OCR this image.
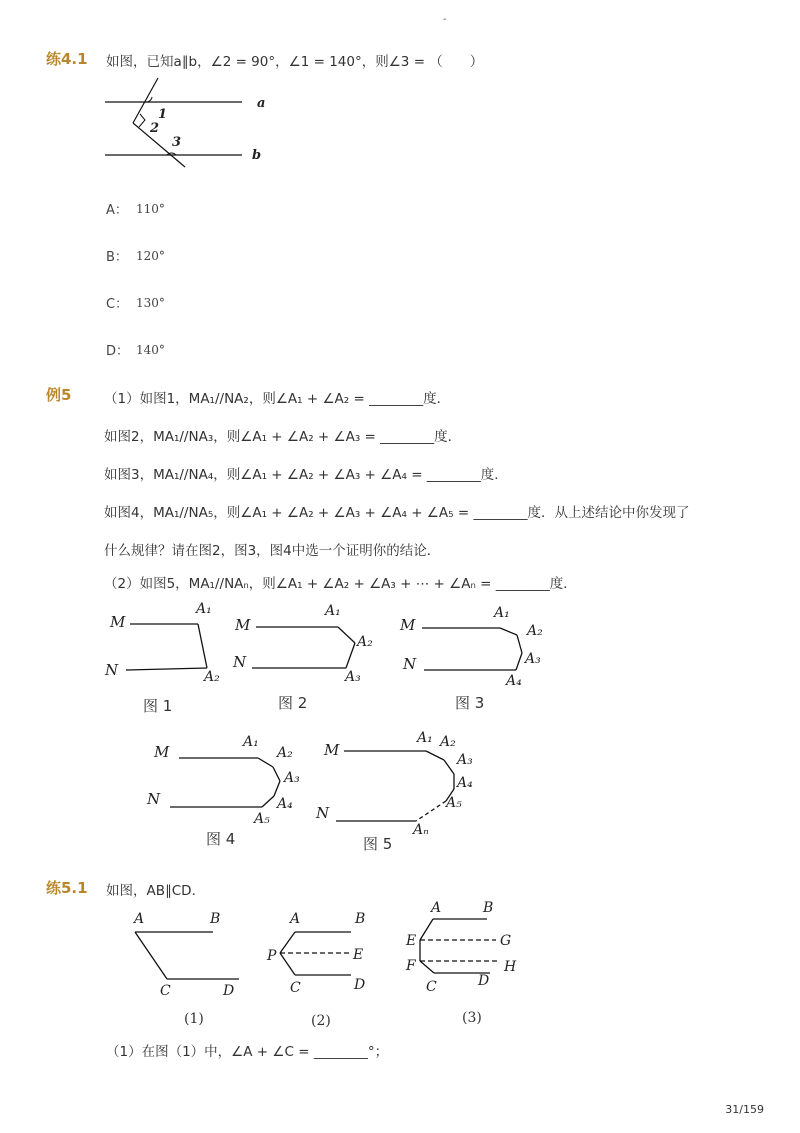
-
练4.1 如图，已知a∥b，∠2 = 90°，∠1 = 140°，则∠3 = （　　）
1
2
3
a
b
A： 110°
B： 120°
C： 130°
D： 140°
例5 （1）如图1，MA₁//NA₂，则∠A₁ + ∠A₂ = ________度．
如图2，MA₁//NA₃，则∠A₁ + ∠A₂ + ∠A₃ = ________度．
如图3，MA₁//NA₄，则∠A₁ + ∠A₂ + ∠A₃ + ∠A₄ = ________度．
如图4，MA₁//NA₅，则∠A₁ + ∠A₂ + ∠A₃ + ∠A₄ + ∠A₅ = ________度．从上述结论中你发现了
什么规律？请在图2，图3，图4中选一个证明你的结论．
（2）如图5，MA₁//NAₙ，则∠A₁ + ∠A₂ + ∠A₃ + ⋯ + ∠Aₙ = ________度．
M
N
A₁
A₂
图 1
M
N
A₁
A₂
A₃
图 2
M
N
A₁
A₂
A₃
A₄
图 3
M
N
A₁
A₂
A₃
A₄
A₅
图 4
M
N
A₁ A₂
A₃
A₄
A₅
Aₙ
图 5
练5.1 如图，AB∥CD．
A	B
C	D
(1)
A	B
P	E
C	D
(2)
A	B
E	G
F	H
C	D
(3)
（1）在图（1）中，∠A + ∠C = ________°；
31/159
